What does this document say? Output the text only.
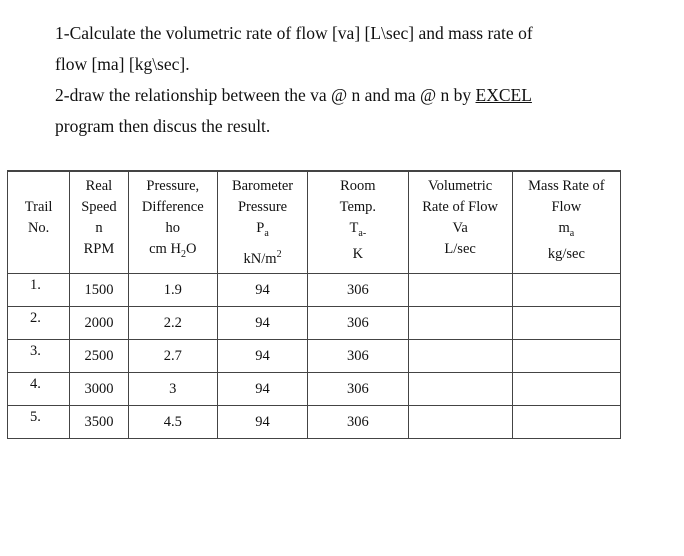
1-Calculate the volumetric rate of flow [va] [L\sec] and mass rate of

flow [ma] [kg\sec].

2-draw the relationship between the va @ n and ma @ n by EXCEL

program then discus the result.

Trail
No.	Real
Speed
n
RPM	Pressure,
Difference
ho
cm $H_2O$	Barometer
Pressure
$P_a$
$kN/m^2$	Room
Temp.
$T_{a-}$
K	Volumetric
Rate of Flow
Va
L/sec	Mass Rate of
Flow
$m_a$
kg/sec

1.	1500	1.9	94	306		
2.	2000	2.2	94	306		
3.	2500	2.7	94	306		
4.	3000	3	94	306		
5.	3500	4.5	94	306		
